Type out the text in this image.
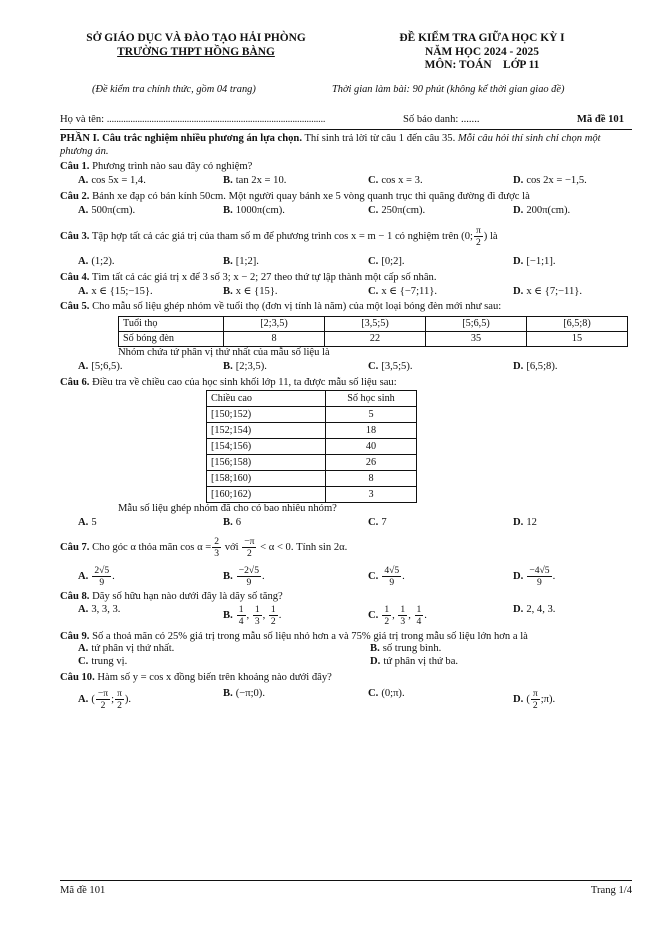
SỞ GIÁO DỤC VÀ ĐÀO TẠO HẢI PHÒNG
TRƯỜNG THPT HỒNG BÀNG
ĐỀ KIỂM TRA GIỮA HỌC KỲ I
NĂM HỌC 2024 - 2025
MÔN: TOÁN    LỚP 11
(Đề kiểm tra chính thức, gồm 04 trang)	Thời gian làm bài: 90 phút (không kể thời gian giao đề)
Họ và tên: .............................................................................................	Số báo danh: .......	Mã đề 101
PHẦN I. Câu trắc nghiệm nhiều phương án lựa chọn. Thí sinh trả lời từ câu 1 đến câu 35. Mỗi câu hỏi thí sinh chỉ chọn một phương án.
Câu 1. Phương trình nào sau đây có nghiệm?
A. cos 5x = 1,4.	B. tan 2x = 10.	C. cos x = 3.	D. cos 2x = −1,5.
Câu 2. Bánh xe đạp có bán kính 50cm. Một người quay bánh xe 5 vòng quanh trục thì quãng đường đi được là
A. 500π(cm).	B. 1000π(cm).	C. 250π(cm).	D. 200π(cm).
Câu 3. Tập hợp tất cả các giá trị của tham số m để phương trình cos x = m − 1 có nghiệm trên (0; $\frac{\pi}{2}$ ) là
A. (1;2).	B. [1;2].	C. [0;2].	D. [−1;1].
Câu 4. Tìm tất cả các giá trị x để 3 số 3; x − 2; 27 theo thứ tự lập thành một cấp số nhân.
A. x ∈ {15;−15}.	B. x ∈ {15}.	C. x ∈ {−7;11}.	D. x ∈ {7;−11}.
Câu 5. Cho mẫu số liệu ghép nhóm về tuổi thọ (đơn vị tính là năm) của một loại bóng đèn mới như sau:
Tuổi thọ	[2;3,5)	[3,5;5)	[5;6,5)	[6,5;8)
Số bóng đèn	8	22	35	15
Nhóm chứa tứ phân vị thứ nhất của mẫu số liệu là
A. [5;6,5).	B. [2;3,5).	C. [3,5;5).	D. [6,5;8).
Câu 6. Điều tra về chiều cao của học sinh khối lớp 11, ta được mẫu số liệu sau:
Chiều cao	Số học sinh
[150;152)	5
[152;154)	18
[154;156)	40
[156;158)	26
[158;160)	8
[160;162)	3
Mẫu số liệu ghép nhóm đã cho có bao nhiêu nhóm?
A. 5	B. 6	C. 7	D. 12
Câu 7. Cho góc α thỏa mãn $\cos \alpha = \frac{2}{3}$ với $\frac{-\pi}{2} < \alpha < 0$. Tính sin 2α.
A. $\frac{2√5}{9}$ .	B. $\frac{-2√5}{9}$ .	C. $\frac{4√5}{9}$ .	D. $\frac{-4√5}{9}$ .
Câu 8. Dãy số hữu hạn nào dưới đây là dãy số tăng?
A. 3, 3, 3.
B. $\frac{1}{4}$ , $\frac{1}{3}$ , $\frac{1}{2}$ .	C. $\frac{1}{2}$ , $\frac{1}{3}$ , $\frac{1}{4}$ .
D. 2, 4, 3.
Câu 9. Số a thoả mãn có 25% giá trị trong mẫu số liệu nhỏ hơn a và 75% giá trị trong mẫu số liệu lớn hơn a là
A. tứ phân vị thứ nhất.	B. số trung bình.
C. trung vị.	D. tứ phân vị thứ ba.
Câu 10. Hàm số y = cos x đồng biến trên khoảng nào dưới đây?
A. ( $\frac{-\pi}{2}$ ; $\frac{\pi}{2}$ ).
B. (−π;0).	C. (0;π).
D. ( $\frac{\pi}{2}$ ;π).
Mã đề 101	Trang 1/4
